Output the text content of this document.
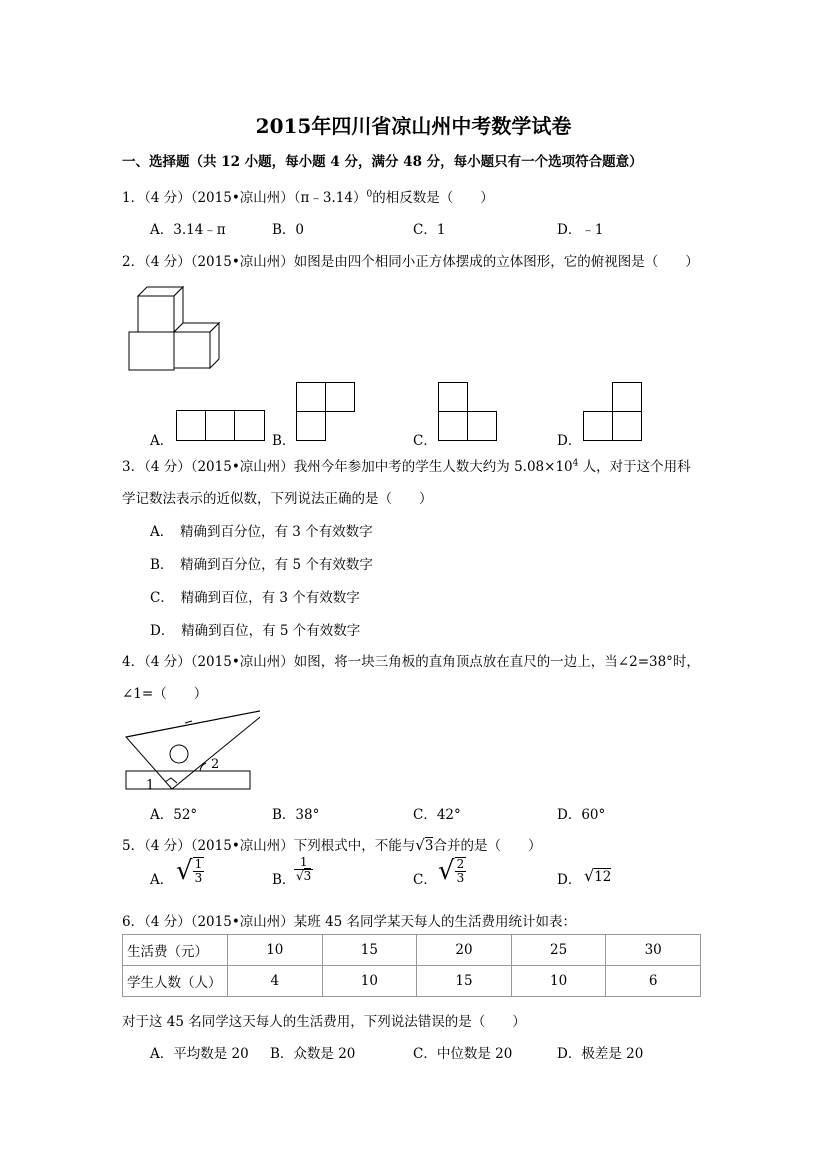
2015年四川省凉山州中考数学试卷
一、选择题（共 12 小题，每小题 4 分，满分 48 分，每小题只有一个选项符合题意）
1．（4 分）（2015•凉山州）（π﹣3.14）$^0$的相反数是（　　）
A．3.14﹣π	B．0	C．1	D．﹣1
2．（4 分）（2015•凉山州）如图是由四个相同小正方体摆成的立体图形，它的俯视图是（　　）
A．	B．	C．	D．
3．（4 分）（2015•凉山州）我州今年参加中考的学生人数大约为 $5.08\times 10^4$ 人，对于这个用科
学记数法表示的近似数，下列说法正确的是（　　）
A．　精确到百分位，有 3 个有效数字
B．　精确到百分位，有 5 个有效数字
C．　精确到百位，有 3 个有效数字
D．　精确到百位，有 5 个有效数字
4．（4 分）（2015•凉山州）如图，将一块三角板的直角顶点放在直尺的一边上，当∠2=38°时，
∠1=（　　）
1
2
A．52°	B．38°	C．42°	D．60°
5．（4 分）（2015•凉山州）下列根式中，不能与√3合并的是（　　）
A． √ $\frac{1}{3}$	B．
$\frac{1}{√3}$	C． √ $\frac{2}{3}$	D． √12
6．（4 分）（2015•凉山州）某班 45 名同学某天每人的生活费用统计如表：
生活费（元）	10	15	20	25	30
学生人数（人）	4	10	15	10	6
对于这 45 名同学这天每人的生活费用，下列说法错误的是（　　）
A．平均数是 20 B．众数是 20	C．中位数是 20	D．极差是 20
